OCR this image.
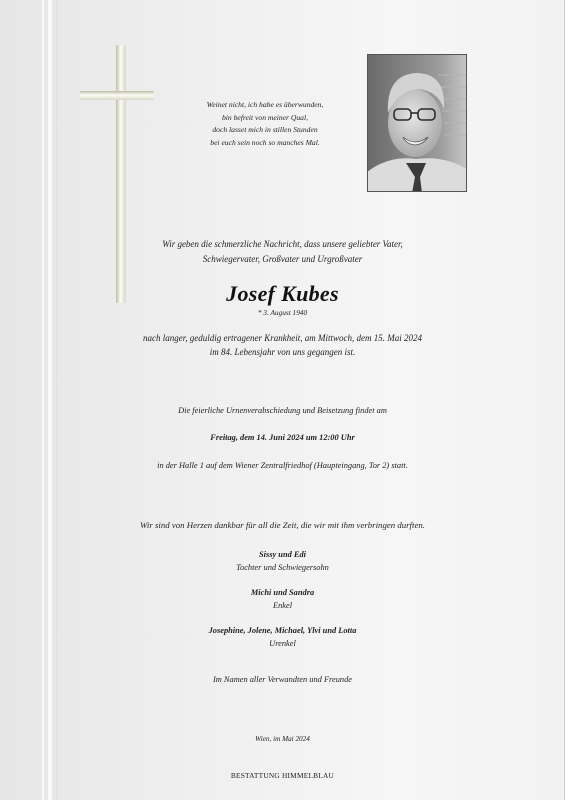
Weinet nicht, ich habe es überwunden,
bin befreit von meiner Qual,
doch lasset mich in stillen Stunden
bei euch sein noch so manches Mal.
Wir geben die schmerzliche Nachricht, dass unsere geliebter Vater,
Schwiegervater, Großvater und Urgroßvater
Josef Kubes
* 3. August 1940
nach langer, geduldig ertragener Krankheit, am Mittwoch, dem 15. Mai 2024
im 84. Lebensjahr von uns gegangen ist.
Die feierliche Urnenverabschiedung und Beisetzung findet am
Freitag, dem 14. Juni 2024 um 12:00 Uhr
in der Halle 1 auf dem Wiener Zentralfriedhof (Haupteingang, Tor 2) statt.
Wir sind von Herzen dankbar für all die Zeit, die wir mit ihm verbringen durften.
Sissy und Edi
Tochter und Schwiegersohn
Michi und Sandra
Enkel
Josephine, Jolene, Michael, Ylvi und Lotta
Urenkel
Im Namen aller Verwandten und Freunde
Wien, im Mai 2024
BESTATTUNG HIMMELBLAU
